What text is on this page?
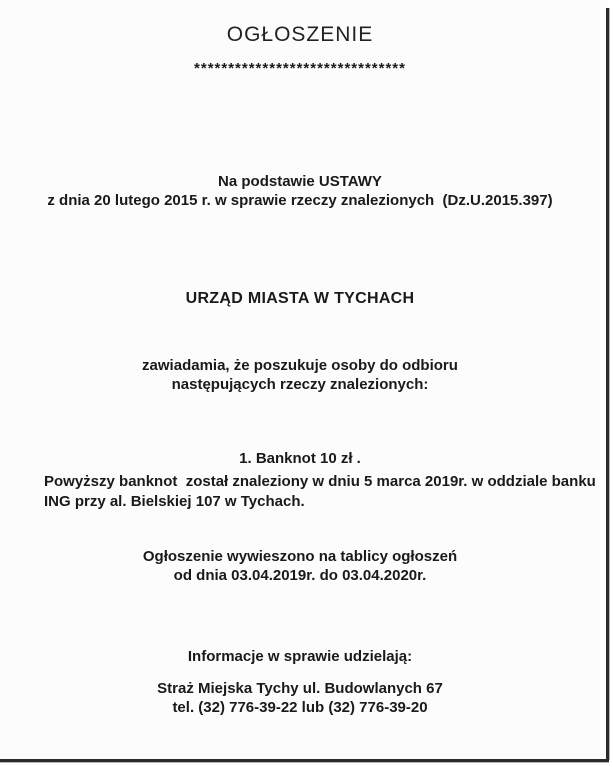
OGŁOSZENIE
*******************************
Na podstawie USTAWY
z dnia 20 lutego 2015 r. w sprawie rzeczy znalezionych  (Dz.U.2015.397)
URZĄD MIASTA W TYCHACH
zawiadamia, że poszukuje osoby do odbioru
następujących rzeczy znalezionych:
1. Banknot 10 zł .
Powyższy banknot  został znaleziony w dniu 5 marca 2019r. w oddziale banku
ING przy al. Bielskiej 107 w Tychach.
Ogłoszenie wywieszono na tablicy ogłoszeń
od dnia 03.04.2019r. do 03.04.2020r.
Informacje w sprawie udzielają:
Straż Miejska Tychy ul. Budowlanych 67
tel. (32) 776-39-22 lub (32) 776-39-20
